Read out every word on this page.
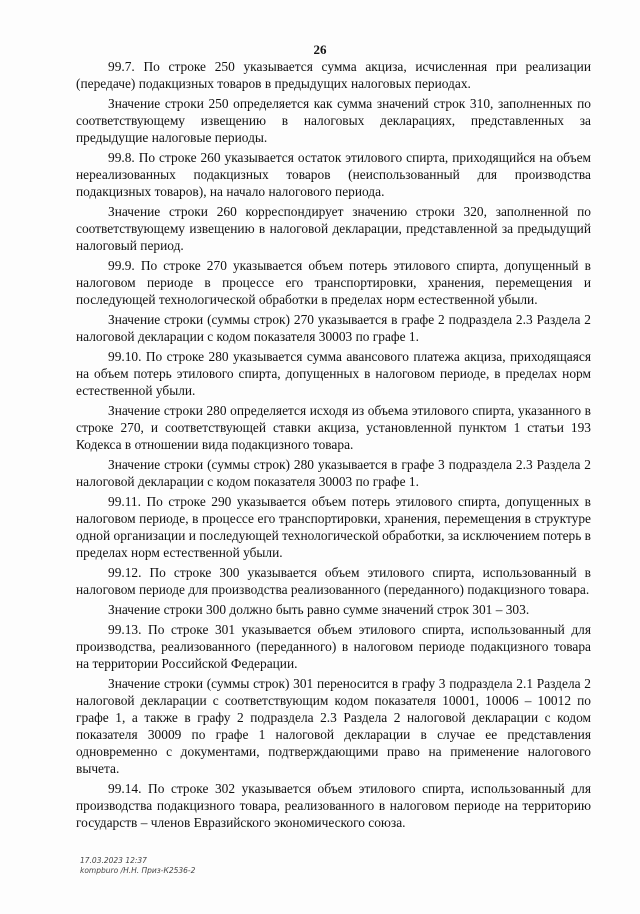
26

99.7. По строке 250 указывается сумма акциза, исчисленная при реализации (передаче) подакцизных товаров в предыдущих налоговых периодах.

Значение строки 250 определяется как сумма значений строк 310, заполненных по соответствующему извещению в налоговых декларациях, представленных за предыдущие налоговые периоды.

99.8. По строке 260 указывается остаток этилового спирта, приходящийся на объем нереализованных подакцизных товаров (неиспользованный для производства подакцизных товаров), на начало налогового периода.

Значение строки 260 корреспондирует значению строки 320, заполненной по соответствующему извещению в налоговой декларации, представленной за предыдущий налоговый период.

99.9. По строке 270 указывается объем потерь этилового спирта, допущенный в налоговом периоде в процессе его транспортировки, хранения, перемещения и последующей технологической обработки в пределах норм естественной убыли.

Значение строки (суммы строк) 270 указывается в графе 2 подраздела 2.3 Раздела 2 налоговой декларации с кодом показателя 30003 по графе 1.

99.10. По строке 280 указывается сумма авансового платежа акциза, приходящаяся на объем потерь этилового спирта, допущенных в налоговом периоде, в пределах норм естественной убыли.

Значение строки 280 определяется исходя из объема этилового спирта, указанного в строке 270, и соответствующей ставки акциза, установленной пунктом 1 статьи 193 Кодекса в отношении вида подакцизного товара.

Значение строки (суммы строк) 280 указывается в графе 3 подраздела 2.3 Раздела 2 налоговой декларации с кодом показателя 30003 по графе 1.

99.11. По строке 290 указывается объем потерь этилового спирта, допущенных в налоговом периоде, в процессе его транспортировки, хранения, перемещения в структуре одной организации и последующей технологической обработки, за исключением потерь в пределах норм естественной убыли.

99.12. По строке 300 указывается объем этилового спирта, использованный в налоговом периоде для производства реализованного (переданного) подакцизного товара.

Значение строки 300 должно быть равно сумме значений строк 301 – 303.

99.13. По строке 301 указывается объем этилового спирта, использованный для производства, реализованного (переданного) в налоговом периоде подакцизного товара на территории Российской Федерации.

Значение строки (суммы строк) 301 переносится в графу 3 подраздела 2.1 Раздела 2 налоговой декларации с соответствующим кодом показателя 10001, 10006 – 10012 по графе 1, а также в графу 2 подраздела 2.3 Раздела 2 налоговой декларации с кодом показателя 30009 по графе 1 налоговой декларации в случае ее представления одновременно с документами, подтверждающими право на применение налогового вычета.

99.14. По строке 302 указывается объем этилового спирта, использованный для производства подакцизного товара, реализованного в налоговом периоде на территорию государств – членов Евразийского экономического союза.

17.03.2023 12:37
kompburo /Н.Н. Приз-К2536-2
